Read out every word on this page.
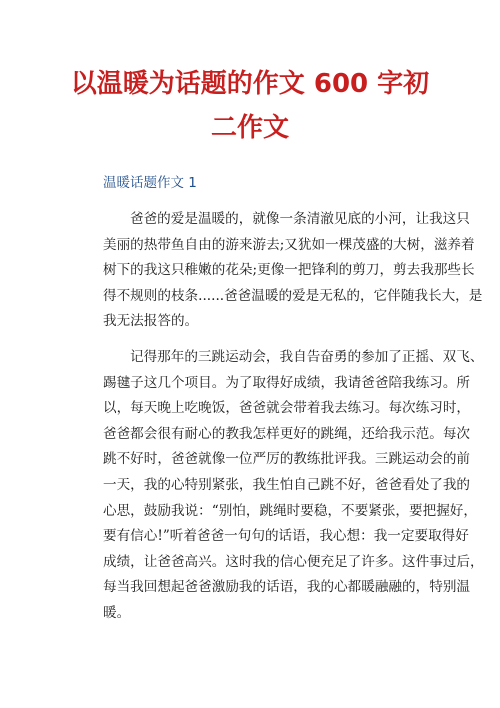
以温暖为话题的作文 600 字初二作文
温暖话题作文 1
爸爸的爱是温暖的，就像一条清澈见底的小河，让我这只
美丽的热带鱼自由的游来游去;又犹如一棵茂盛的大树，滋养着
树下的我这只稚嫩的花朵;更像一把锋利的剪刀，剪去我那些长
得不规则的枝条......爸爸温暖的爱是无私的，它伴随我长大，是
我无法报答的。
记得那年的三跳运动会，我自告奋勇的参加了正摇、双飞、
踢毽子这几个项目。为了取得好成绩，我请爸爸陪我练习。所
以，每天晚上吃晚饭，爸爸就会带着我去练习。每次练习时，
爸爸都会很有耐心的教我怎样更好的跳绳，还给我示范。每次
跳不好时，爸爸就像一位严厉的教练批评我。三跳运动会的前
一天，我的心特别紧张，我生怕自己跳不好，爸爸看处了我的
心思，鼓励我说：“别怕，跳绳时要稳，不要紧张，要把握好，
要有信心!”听着爸爸一句句的话语，我心想：我一定要取得好
成绩，让爸爸高兴。这时我的信心便充足了许多。这件事过后，
每当我回想起爸爸激励我的话语，我的心都暖融融的，特别温
暖。
